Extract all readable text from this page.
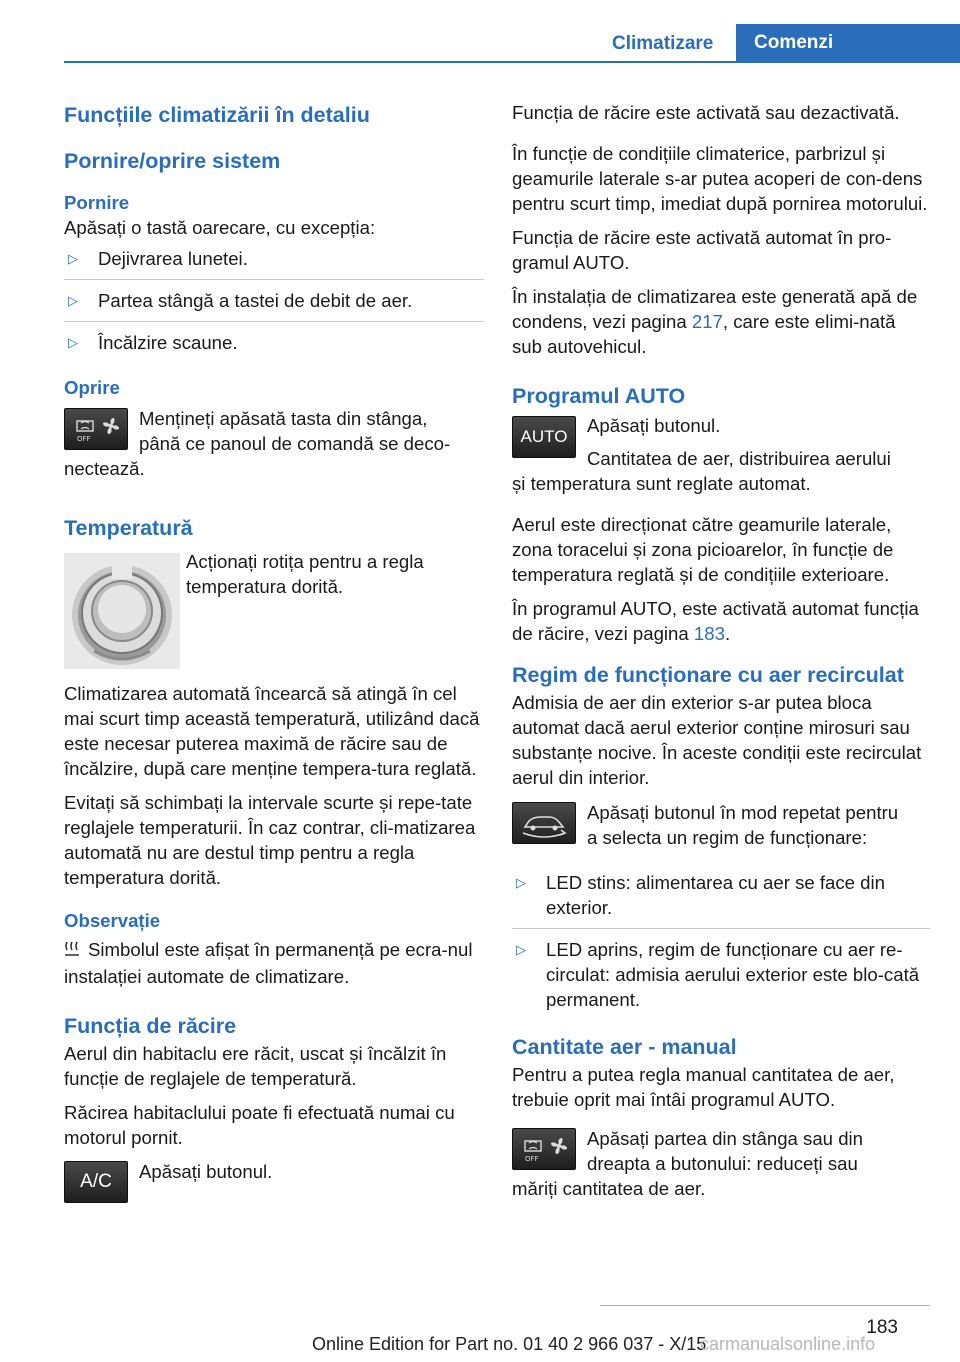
Climatizare	Comenzi
Funcțiile climatizării în detaliu
Pornire/oprire sistem
Pornire
Apăsați o tastă oarecare, cu excepția:
▷ Dejivrarea lunetei.
▷ Partea stângă a tastei de debit de aer.
▷ Încălzire scaune.
Oprire
OFF
Mențineți apăsată tasta din stânga,
până ce panoul de comandă se deco-
nectează.
Temperatură
Acționați rotița pentru a regla
temperatura dorită.
Climatizarea automată încearcă să atingă în cel mai scurt timp această temperatură, utilizând dacă este necesar puterea maximă de răcire sau de încălzire, după care menține tempera-tura reglată.
Evitați să schimbați la intervale scurte și repe-tate reglajele temperaturii. În caz contrar, cli-matizarea automată nu are destul timp pentru a regla temperatura dorită.
Observație
Simbolul este afișat în permanență pe ecra-nul instalației automate de climatizare.
Funcția de răcire
Aerul din habitaclu ere răcit, uscat și încălzit în funcție de reglajele de temperatură.
Răcirea habitaclului poate fi efectuată numai cu motorul pornit.
A/C	Apăsați butonul.
Funcția de răcire este activată sau dezactivată.
În funcție de condițiile climaterice, parbrizul și geamurile laterale s-ar putea acoperi de con-dens pentru scurt timp, imediat după pornirea motorului.
Funcția de răcire este activată automat în pro-gramul AUTO.
În instalația de climatizarea este generată apă de condens, vezi pagina 217, care este elimi-nată sub autovehicul.
Programul AUTO
AUTO
Apăsați butonul.
Cantitatea de aer, distribuirea aerului
și temperatura sunt reglate automat.
Aerul este direcționat către geamurile laterale, zona toracelui și zona picioarelor, în funcție de temperatura reglată și de condițiile exterioare.
În programul AUTO, este activată automat funcția de răcire, vezi pagina 183.
Regim de funcționare cu aer recirculat
Admisia de aer din exterior s-ar putea bloca automat dacă aerul exterior conține mirosuri sau substanțe nocive. În aceste condiții este recirculat aerul din interior.
Apăsați butonul în mod repetat pentru
a selecta un regim de funcționare:
▷ LED stins: alimentarea cu aer se face din exterior.
▷ LED aprins, regim de funcționare cu aer re-circulat: admisia aerului exterior este blo-cată permanent.
Cantitate aer - manual
Pentru a putea regla manual cantitatea de aer, trebuie oprit mai întâi programul AUTO.
OFF
Apăsați partea din stânga sau din
dreapta a butonului: reduceți sau
măriți cantitatea de aer.
183
Online Edition for Part no. 01 40 2 966 037 - X/15
carmanualsonline.info
